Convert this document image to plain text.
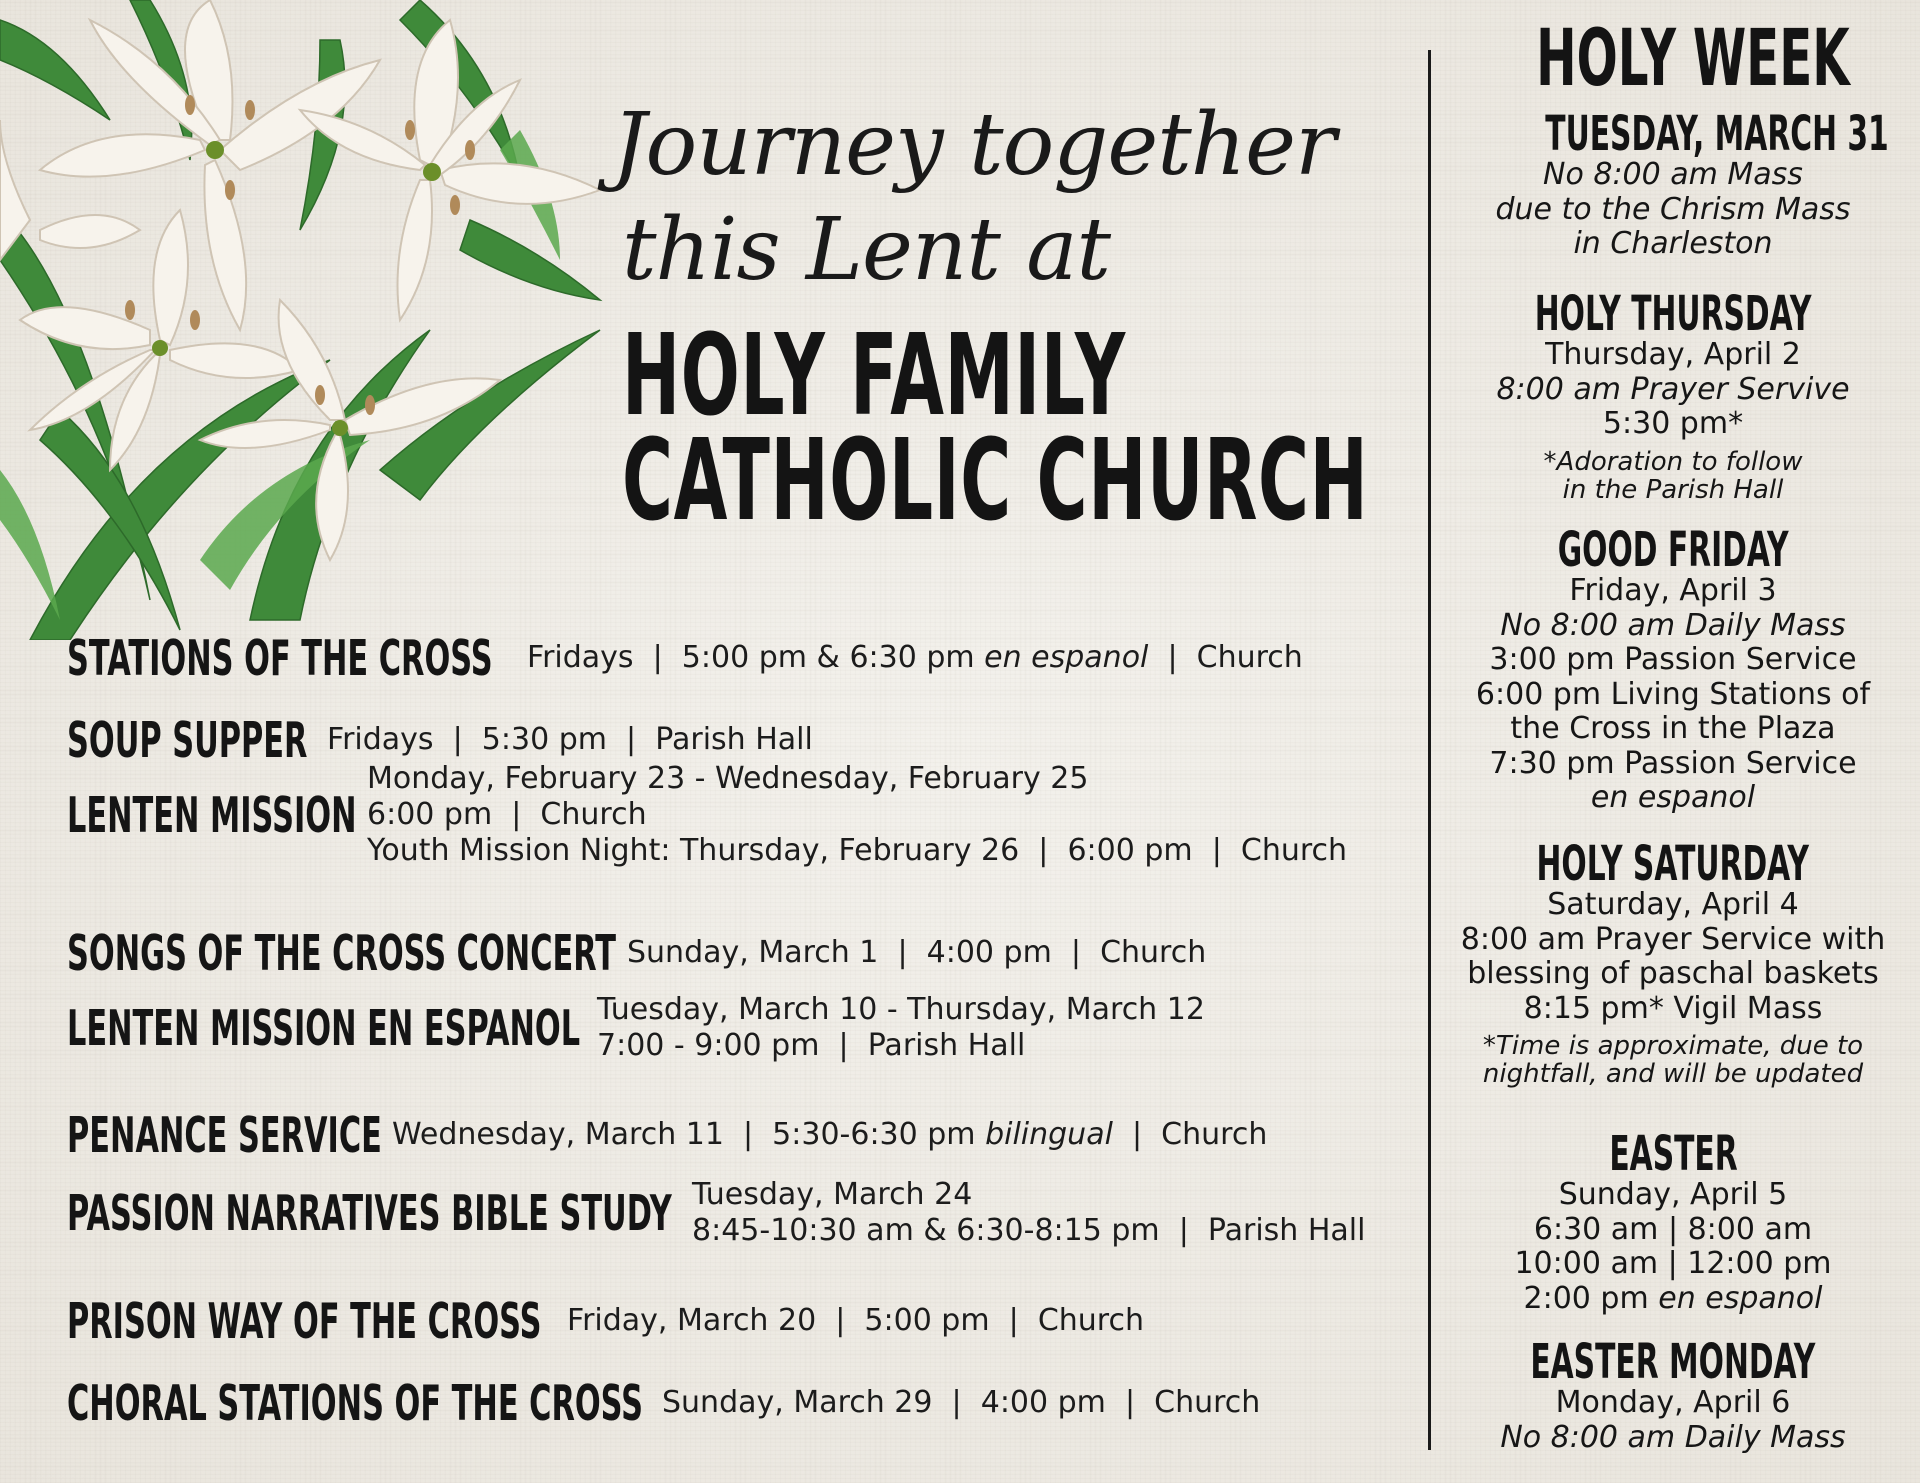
Journey together
this Lent at
HOLY FAMILY
CATHOLIC CHURCH
STATIONS OF THE CROSS	Fridays  |  5:00 pm & 6:30 pm en espanol  |  Church
SOUP SUPPER Fridays  |  5:30 pm  |  Parish Hall
LENTEN MISSION
Monday, February 23 - Wednesday, February 25
6:00 pm  |  Church
Youth Mission Night: Thursday, February 26  |  6:00 pm  |  Church
SONGS OF THE CROSS CONCERT Sunday, March 1  |  4:00 pm  |  Church
LENTEN MISSION EN ESPANOL Tuesday, March 10 - Thursday, March 12
7:00 - 9:00 pm  |  Parish Hall
PENANCE SERVICE Wednesday, March 11  |  5:30-6:30 pm bilingual  |  Church
PASSION NARRATIVES BIBLE STUDY Tuesday, March 24
8:45-10:30 am & 6:30-8:15 pm  |  Parish Hall
PRISON WAY OF THE CROSS Friday, March 20  |  5:00 pm  |  Church
CHORAL STATIONS OF THE CROSS Sunday, March 29  |  4:00 pm  |  Church
HOLY WEEK
TUESDAY, MARCH 31
No 8:00 am Mass
due to the Chrism Mass
in Charleston
HOLY THURSDAY
Thursday, April 2
8:00 am Prayer Servive
5:30 pm*
*Adoration to follow
in the Parish Hall
GOOD FRIDAY
Friday, April 3
No 8:00 am Daily Mass
3:00 pm Passion Service
6:00 pm Living Stations of
the Cross in the Plaza
7:30 pm Passion Service
en espanol
HOLY SATURDAY
Saturday, April 4
8:00 am Prayer Service with
blessing of paschal baskets
8:15 pm* Vigil Mass
*Time is approximate, due to
nightfall, and will be updated
EASTER
Sunday, April 5
6:30 am | 8:00 am
10:00 am | 12:00 pm
2:00 pm en espanol
EASTER MONDAY
Monday, April 6
No 8:00 am Daily Mass
